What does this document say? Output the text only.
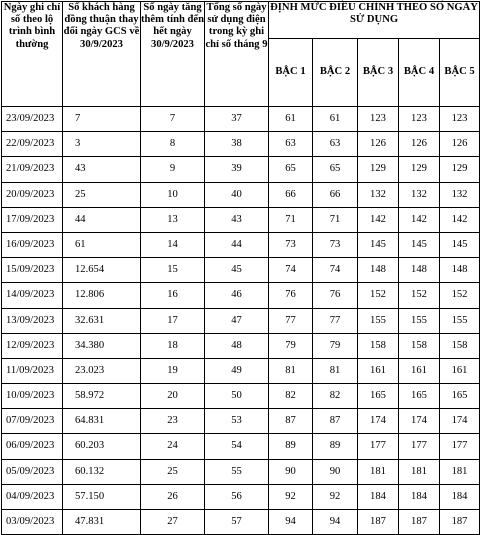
Ngày ghi chỉ số theo lộ trình bình thường	Số khách hàng đồng thuận thay đổi ngày GCS về 30/9/2023	Số ngày tăng thêm tính đến hết ngày 30/9/2023	Tổng số ngày sử dụng điện trong kỳ ghi chỉ số tháng 9	ĐỊNH MỨC ĐIỀU CHỈNH THEO SỐ NGÀY SỬ DỤNG				
				BẬC 1	BẬC 2	BẬC 3	BẬC 4	BẬC 5
23/09/2023	7	7	37	61	61	123	123	123
22/09/2023	3	8	38	63	63	126	126	126
21/09/2023	43	9	39	65	65	129	129	129
20/09/2023	25	10	40	66	66	132	132	132
17/09/2023	44	13	43	71	71	142	142	142
16/09/2023	61	14	44	73	73	145	145	145
15/09/2023	12.654	15	45	74	74	148	148	148
14/09/2023	12.806	16	46	76	76	152	152	152
13/09/2023	32.631	17	47	77	77	155	155	155
12/09/2023	34.380	18	48	79	79	158	158	158
11/09/2023	23.023	19	49	81	81	161	161	161
10/09/2023	58.972	20	50	82	82	165	165	165
07/09/2023	64.831	23	53	87	87	174	174	174
06/09/2023	60.203	24	54	89	89	177	177	177
05/09/2023	60.132	25	55	90	90	181	181	181
04/09/2023	57.150	26	56	92	92	184	184	184
03/09/2023	47.831	27	57	94	94	187	187	187
